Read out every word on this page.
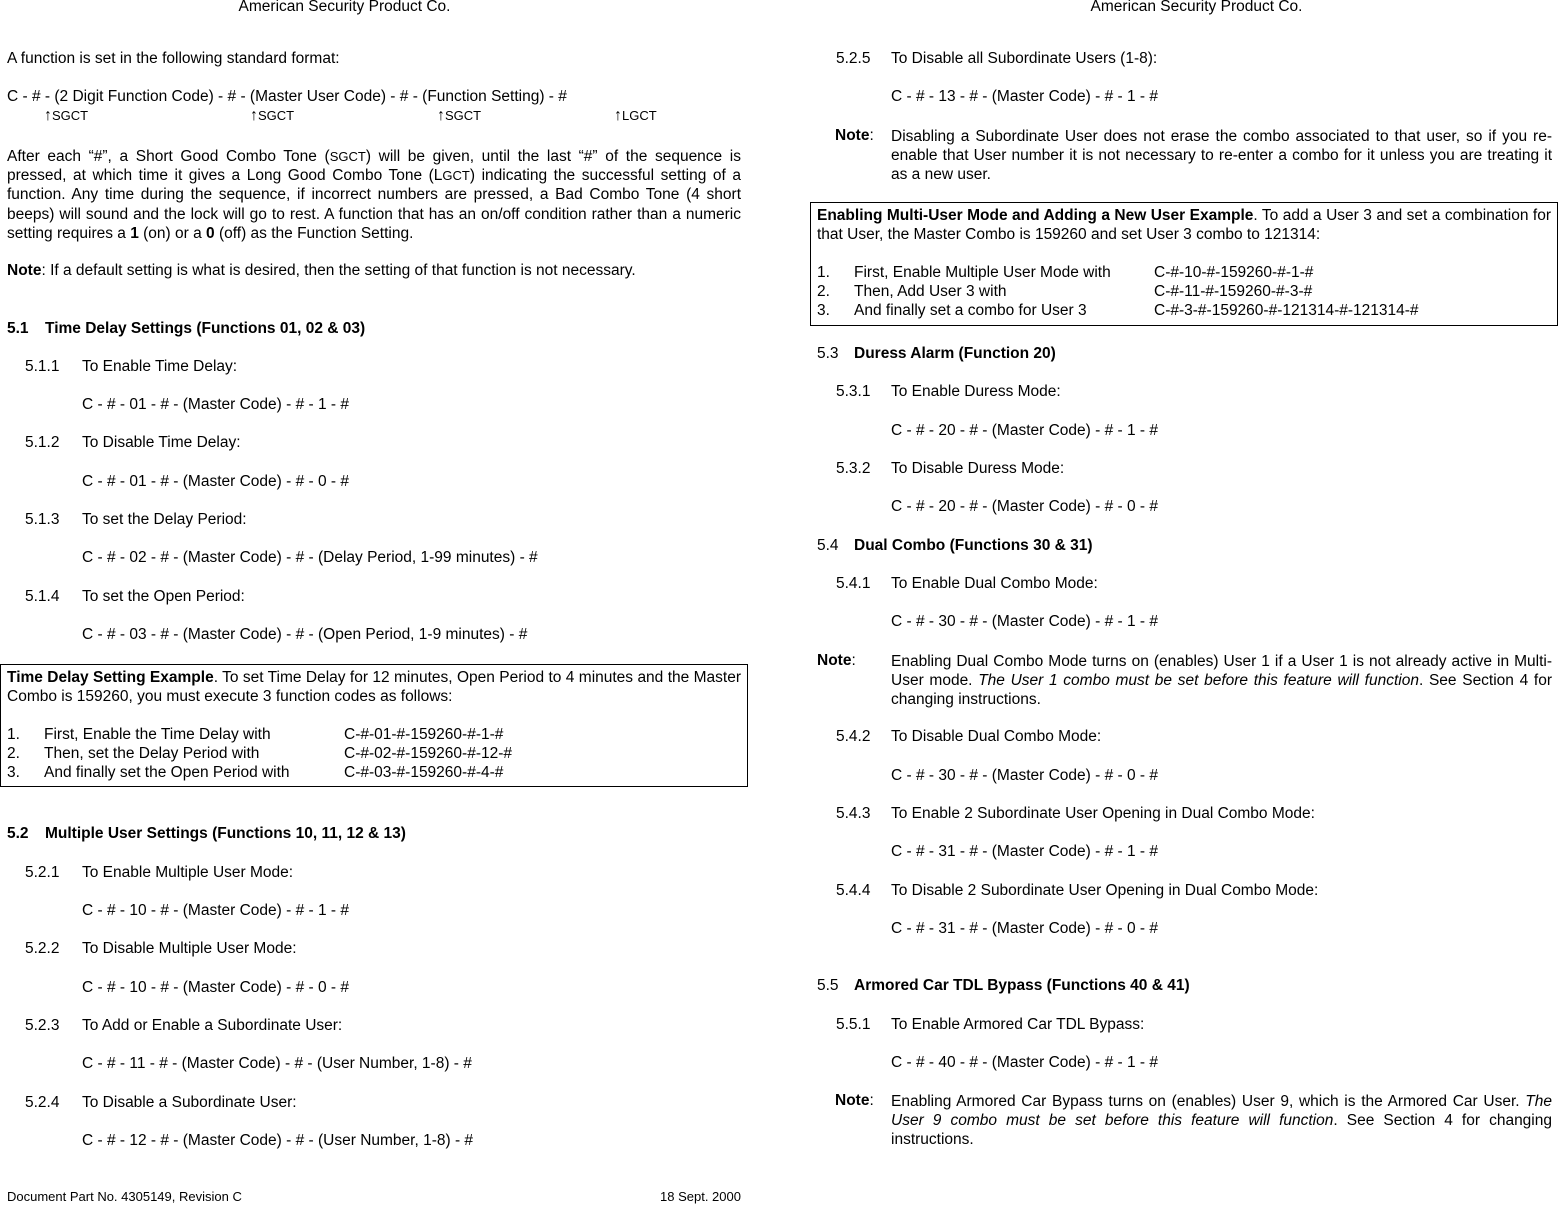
American Security Product Co.
A function is set in the following standard format:
C - # - (2 Digit Function Code) - # - (Master User Code) - # - (Function Setting) - #
↑SGCT	↑SGCT	↑SGCT	↑LGCT

After each “#”, a Short Good Combo Tone (SGCT) will be given, until the last “#” of the sequence is pressed, at which time it gives a Long Good Combo Tone (LGCT) indicating the successful setting of a function. Any time during the sequence, if incorrect numbers are pressed, a Bad Combo Tone (4 short beeps) will sound and the lock will go to rest. A function that has an on/off condition rather than a numeric setting requires a 1 (on) or a 0 (off) as the Function Setting.

Note: If a default setting is what is desired, then the setting of that function is not necessary.
5.1 Time Delay Settings (Functions 01, 02 & 03)
5.1.1 To Enable Time Delay:
C - # - 01 - # - (Master Code) - # - 1 - #
5.1.2 To Disable Time Delay:
C - # - 01 - # - (Master Code) - # - 0 - #
5.1.3 To set the Delay Period:
C - # - 02 - # - (Master Code) - # - (Delay Period, 1-99 minutes) - #
5.1.4 To set the Open Period:
C - # - 03 - # - (Master Code) - # - (Open Period, 1-9 minutes) - #

Time Delay Setting Example. To set Time Delay for 12 minutes, Open Period to 4 minutes and the Master Combo is 159260, you must execute 3 function codes as follows:

1. First, Enable the Time Delay with	C-#-01-#-159260-#-1-#
2. Then, set the Delay Period with	C-#-02-#-159260-#-12-#
3. And finally set the Open Period with	C-#-03-#-159260-#-4-#
5.2 Multiple User Settings (Functions 10, 11, 12 & 13)
5.2.1 To Enable Multiple User Mode:
C - # - 10 - # - (Master Code) - # - 1 - #
5.2.2 To Disable Multiple User Mode:
C - # - 10 - # - (Master Code) - # - 0 - #
5.2.3 To Add or Enable a Subordinate User:
C - # - 11 - # - (Master Code) - # - (User Number, 1-8) - #
5.2.4 To Disable a Subordinate User:
C - # - 12 - # - (Master Code) - # - (User Number, 1-8) - #
Document Part No. 4305149, Revision C	18 Sept. 2000
American Security Product Co.
5.2.5 To Disable all Subordinate Users (1-8):
C - # - 13 - # - (Master Code) - # - 1 - #
Note: Disabling a Subordinate User does not erase the combo associated to that user, so if you re-enable that User number it is not necessary to re-enter a combo for it unless you are treating it as a new user.

Enabling Multi-User Mode and Adding a New User Example. To add a User 3 and set a combination for that User, the Master Combo is 159260 and set User 3 combo to 121314:

1. First, Enable Multiple User Mode with	C-#-10-#-159260-#-1-#
2. Then, Add User 3 with	C-#-11-#-159260-#-3-#
3. And finally set a combo for User 3	C-#-3-#-159260-#-121314-#-121314-#
5.3 Duress Alarm (Function 20)
5.3.1 To Enable Duress Mode:
C - # - 20 - # - (Master Code) - # - 1 - #
5.3.2 To Disable Duress Mode:
C - # - 20 - # - (Master Code) - # - 0 - #
5.4 Dual Combo (Functions 30 & 31)
5.4.1 To Enable Dual Combo Mode:
C - # - 30 - # - (Master Code) - # - 1 - #
Note: Enabling Dual Combo Mode turns on (enables) User 1 if a User 1 is not already active in Multi-User mode. The User 1 combo must be set before this feature will function. See Section 4 for changing instructions.

5.4.2 To Disable Dual Combo Mode:
C - # - 30 - # - (Master Code) - # - 0 - #
5.4.3 To Enable 2 Subordinate User Opening in Dual Combo Mode:
C - # - 31 - # - (Master Code) - # - 1 - #
5.4.4 To Disable 2 Subordinate User Opening in Dual Combo Mode:
C - # - 31 - # - (Master Code) - # - 0 - #
5.5 Armored Car TDL Bypass (Functions 40 & 41)
5.5.1 To Enable Armored Car TDL Bypass:
C - # - 40 - # - (Master Code) - # - 1 - #
Note: Enabling Armored Car Bypass turns on (enables) User 9, which is the Armored Car User. The User 9 combo must be set before this feature will function. See Section 4 for changing instructions.
